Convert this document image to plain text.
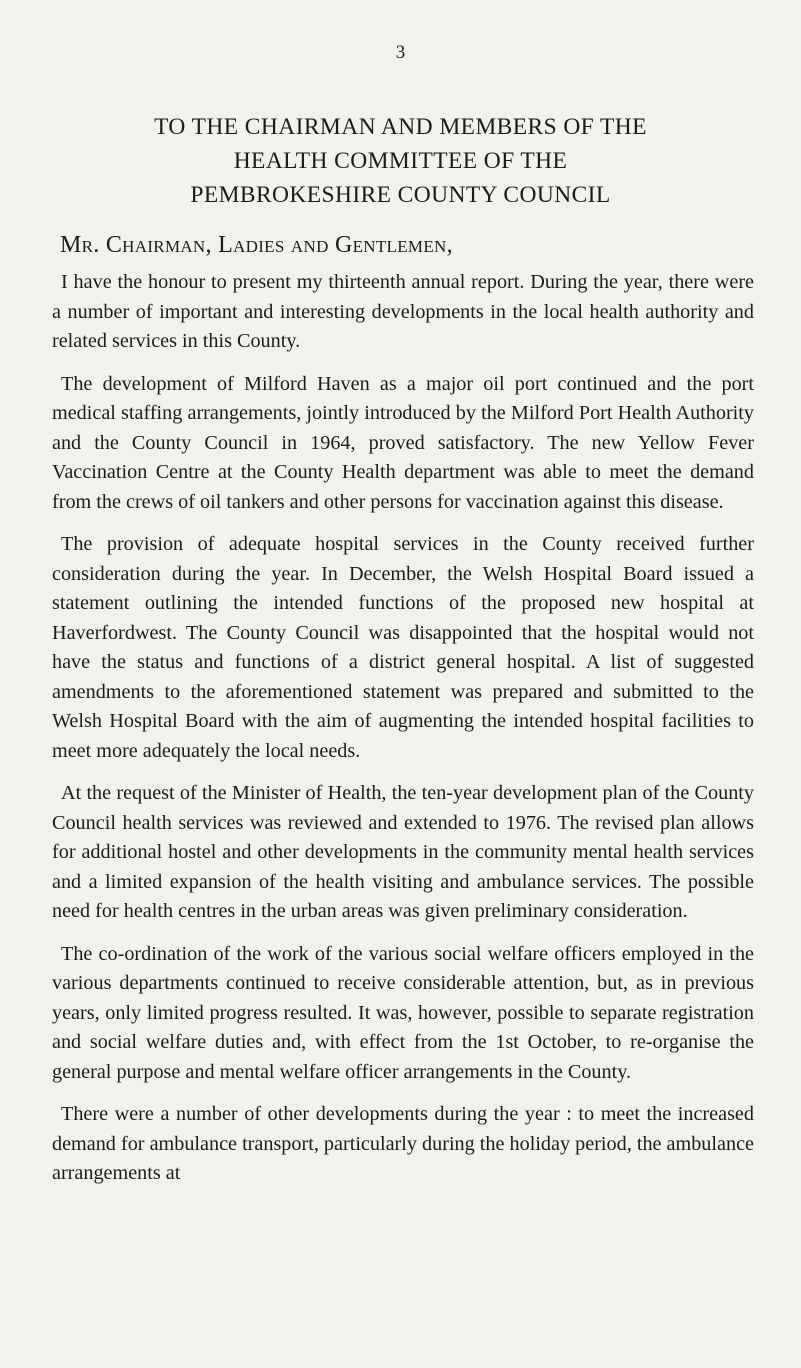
3
TO THE CHAIRMAN AND MEMBERS OF THE
HEALTH COMMITTEE OF THE
PEMBROKESHIRE COUNTY COUNCIL
Mr. Chairman, Ladies and Gentlemen,

I have the honour to present my thirteenth annual report. During the year, there were a number of important and interesting developments in the local health authority and related services in this County.

The development of Milford Haven as a major oil port continued and the port medical staffing arrangements, jointly introduced by the Milford Port Health Authority and the County Council in 1964, proved satisfactory. The new Yellow Fever Vaccination Centre at the County Health department was able to meet the demand from the crews of oil tankers and other persons for vaccination against this disease.

The provision of adequate hospital services in the County received further consideration during the year. In December, the Welsh Hospital Board issued a statement outlining the intended functions of the proposed new hospital at Haverfordwest. The County Council was disappointed that the hospital would not have the status and functions of a district general hospital. A list of suggested amendments to the aforementioned statement was prepared and submitted to the Welsh Hospital Board with the aim of augmenting the intended hospital facilities to meet more adequately the local needs.

At the request of the Minister of Health, the ten-year development plan of the County Council health services was reviewed and extended to 1976. The revised plan allows for additional hostel and other developments in the community mental health services and a limited expansion of the health visiting and ambulance services. The possible need for health centres in the urban areas was given preliminary consideration.

The co-ordination of the work of the various social welfare officers employed in the various departments continued to receive considerable attention, but, as in previous years, only limited progress resulted. It was, however, possible to separate registration and social welfare duties and, with effect from the 1st October, to re-organise the general purpose and mental welfare officer arrangements in the County.

There were a number of other developments during the year : to meet the increased demand for ambulance transport, particularly during the holiday period, the ambulance arrangements at
